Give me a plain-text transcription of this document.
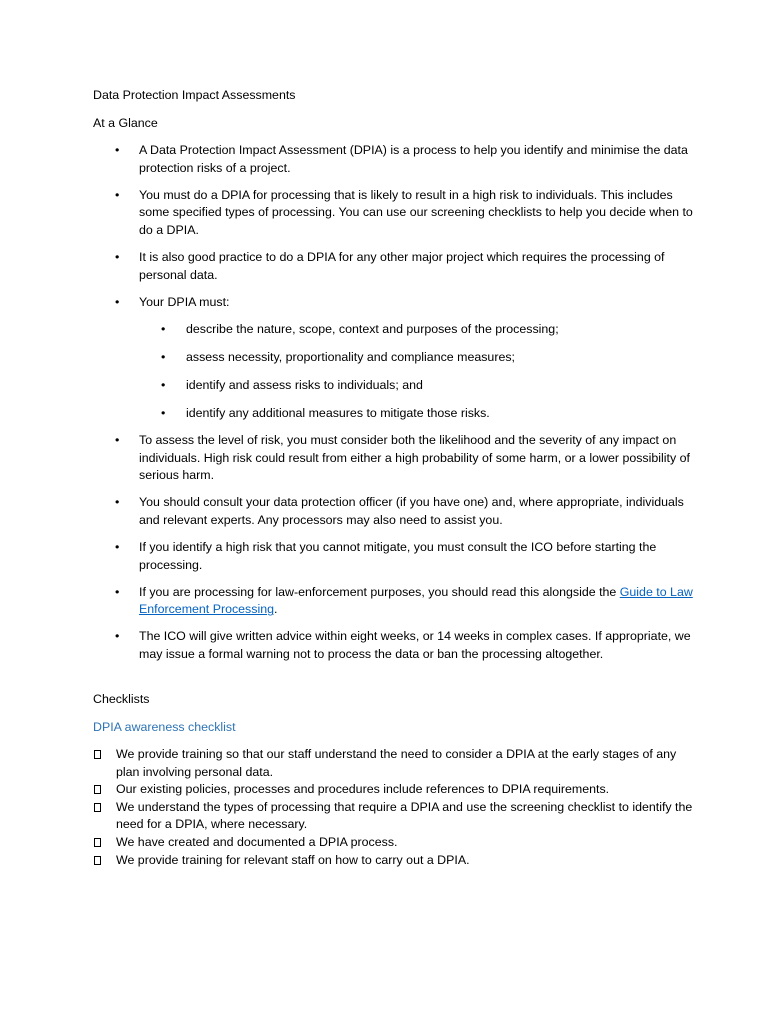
Data Protection Impact Assessments

At a Glance

• A Data Protection Impact Assessment (DPIA) is a process to help you identify and minimise the data protection risks of a project.
• You must do a DPIA for processing that is likely to result in a high risk to individuals. This includes some specified types of processing. You can use our screening checklists to help you decide when to do a DPIA.
• It is also good practice to do a DPIA for any other major project which requires the processing of personal data.
• Your DPIA must:
• describe the nature, scope, context and purposes of the processing;
• assess necessity, proportionality and compliance measures;
• identify and assess risks to individuals; and
• identify any additional measures to mitigate those risks.
• To assess the level of risk, you must consider both the likelihood and the severity of any impact on individuals. High risk could result from either a high probability of some harm, or a lower possibility of serious harm.
• You should consult your data protection officer (if you have one) and, where appropriate, individuals and relevant experts. Any processors may also need to assist you.
• If you identify a high risk that you cannot mitigate, you must consult the ICO before starting the processing.
• If you are processing for law-enforcement purposes, you should read this alongside the Guide to Law Enforcement Processing.
• The ICO will give written advice within eight weeks, or 14 weeks in complex cases. If appropriate, we may issue a formal warning not to process the data or ban the processing altogether.

Checklists

DPIA awareness checklist

We provide training so that our staff understand the need to consider a DPIA at the early stages of any plan involving personal data.
Our existing policies, processes and procedures include references to DPIA requirements.
We understand the types of processing that require a DPIA and use the screening checklist to identify the need for a DPIA, where necessary.
We have created and documented a DPIA process.
We provide training for relevant staff on how to carry out a DPIA.
